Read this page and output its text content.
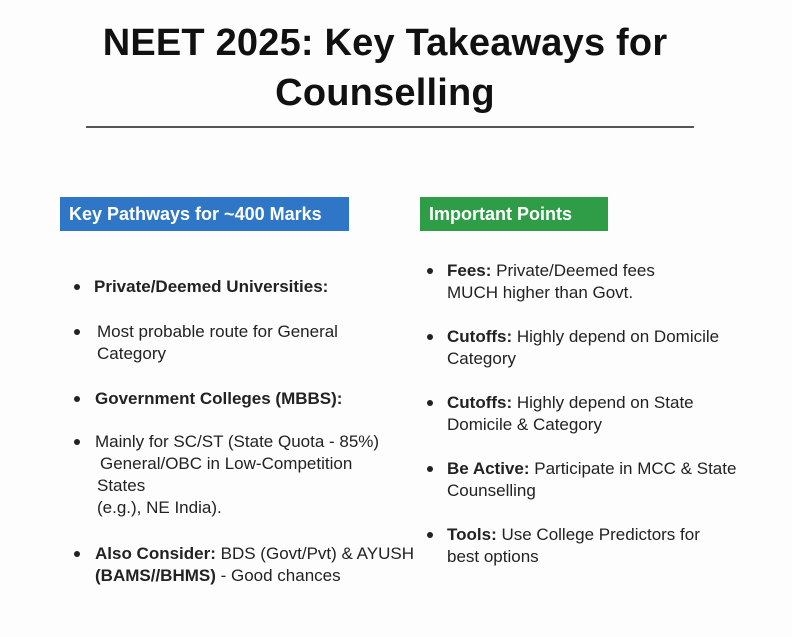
NEET 2025: Key Takeaways for
Counselling
Key Pathways for ~400 Marks
Private/Deemed Universities:
Most probable route for General
Category
Government Colleges (MBBS):
Mainly for SC/ST (State Quota - 85%)
General/OBC in Low-Competition
States
(e.g.), NE India).
Also Consider: BDS (Govt/Pvt) & AYUSH
(BAMS//BHMS) - Good chances
Important Points
Fees: Private/Deemed fees
MUCH higher than Govt.
Cutoffs: Highly depend on Domicile
Category
Cutoffs: Highly depend on State
Domicile & Category
Be Active: Participate in MCC & State
Counselling
Tools: Use College Predictors for
best options
